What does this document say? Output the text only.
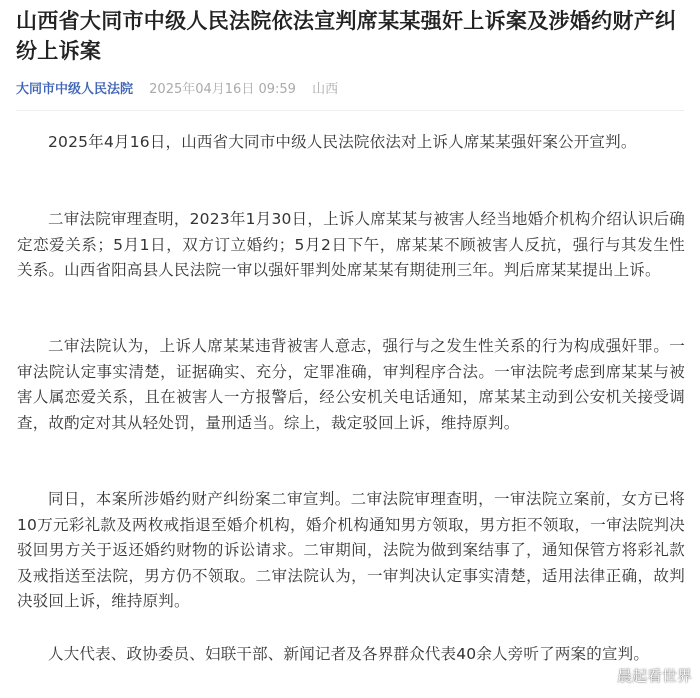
山西省大同市中级人民法院依法宣判席某某强奸上诉案及涉婚约财产纠纷上诉案
大同市中级人民法院 2025年04月16日 09:59 山西

2025年4月16日，山西省大同市中级人民法院依法对上诉人席某某强奸案公开宣判。

二审法院审理查明，2023年1月30日，上诉人席某某与被害人经当地婚介机构介绍认识后确定恋爱关系；5月1日，双方订立婚约；5月2日下午，席某某不顾被害人反抗，强行与其发生性关系。山西省阳高县人民法院一审以强奸罪判处席某某有期徒刑三年。判后席某某提出上诉。

二审法院认为，上诉人席某某违背被害人意志，强行与之发生性关系的行为构成强奸罪。一审法院认定事实清楚，证据确实、充分，定罪准确，审判程序合法。一审法院考虑到席某某与被害人属恋爱关系，且在被害人一方报警后，经公安机关电话通知，席某某主动到公安机关接受调查，故酌定对其从轻处罚，量刑适当。综上，裁定驳回上诉，维持原判。

同日，本案所涉婚约财产纠纷案二审宣判。二审法院审理查明，一审法院立案前，女方已将10万元彩礼款及两枚戒指退至婚介机构，婚介机构通知男方领取，男方拒不领取，一审法院判决驳回男方关于返还婚约财物的诉讼请求。二审期间，法院为做到案结事了，通知保管方将彩礼款及戒指送至法院，男方仍不领取。二审法院认为，一审判决认定事实清楚，适用法律正确，故判决驳回上诉，维持原判。

人大代表、政协委员、妇联干部、新闻记者及各界群众代表40余人旁听了两案的宣判。

晨起看世界
